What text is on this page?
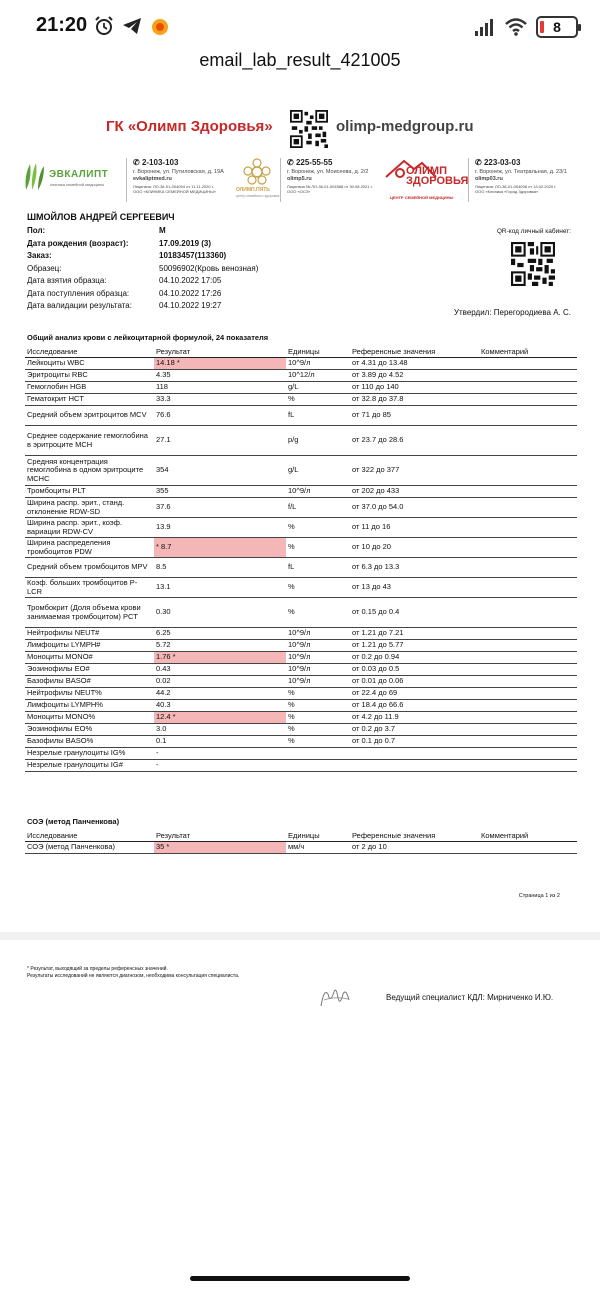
21:20	8
email_lab_result_421005
ГК «Олимп Здоровья»	olimp-medgroup.ru
ЭВКАЛИПТ
клиника семейной медицины
✆ 2-103-103
г. Воронеж, ул. Путиловская, д. 19А
evkaliptmed.ru
Лицензия: ЛО-36-01-004094 от 11.11.2020 г.
ООО «КЛИНИКА СЕМЕЙНОЙ МЕДИЦИНЫ»	ОЛИМП.ПЯТЬ
центр семейного здоровья
✆ 225-55-55
г. Воронеж, ул. Моисеева, д. 2/2
olimp5.ru
Лицензия № ЛО-36-01-004588 от 30.08.2021 г.
ООО «ОСЗ»
ОЛИМП ЗДОРОВЬЯ
ЦЕНТР СЕМЕЙНОЙ МЕДИЦИНЫ
✆ 223-03-03
г. Воронеж, ул. Театральная, д. 23/1
olimp03.ru
Лицензия: ЛО-36-01-004098 от 13.02.2020 г.
ООО «Клиника «Город Здоровья»
ШМОЙЛОВ АНДРЕЙ СЕРГЕЕВИЧ
Пол:	М
Дата рождения (возраст):	17.09.2019 (3)
Заказ:	10183457(113360)
Образец:	50096902(Кровь венозная)
Дата взятия образца:	04.10.2022 17:05
Дата поступления образца:	04.10.2022 17:26
Дата валидации результата:	04.10.2022 19:27
QR-код личный кабинет:
Утвердил: Перегородиева А. С.
Общий анализ крови с лейкоцитарной формулой, 24 показателя
Исследование	Результат	Единицы	Референсные значения	Комментарий
Лейкоциты WBC	14.18 *	10^9/л	от 4.31 до 13.48	
Эритроциты RBC	4.35	10^12/л	от 3.89 до 4.52	
Гемоглобин HGB	118	g/L	от 110 до 140	
Гематокрит HCT	33.3	%	от 32.8 до 37.8	
Средний объем эритроцитов MCV	76.6	fL	от 71 до 85	
Среднее содержание гемоглобина в эритроците MCH	27.1	p/g	от 23.7 до 28.6	
Средняя концентрация гемоглобина в одном эритроците MCHC	354	g/L	от 322 до 377	
Тромбоциты PLT	355	10^9/л	от 202 до 433	
Ширина распр. эрит., станд. отклонение RDW-SD	37.6	f/L	от 37.0 до 54.0	
Ширина распр. эрит., коэф. вариации RDW-CV	13.9	%	от 11 до 16	
Ширина распределения тромбоцитов PDW	* 8.7	%	от 10 до 20	
Средний объем тромбоцитов MPV	8.5	fL	от 6.3 до 13.3	
Коэф. больших тромбоцитов P-LCR	13.1	%	от 13 до 43	
Тромбокрит (Доля объема крови занимаемая тромбоцитом) PCT	0.30	%	от 0.15 до 0.4	
Нейтрофилы NEUT#	6.25	10^9/л	от 1.21 до 7.21	
Лимфоциты LYMPH#	5.72	10^9/л	от 1.21 до 5.77	
Моноциты MONO#	1.76 *	10^9/л	от 0.2 до 0.94	
Эозинофилы EO#	0.43	10^9/л	от 0.03 до 0.5	
Базофилы BASO#	0.02	10^9/л	от 0.01 до 0.06	
Нейтрофилы NEUT%	44.2	%	от 22.4 до 69	
Лимфоциты LYMPH%	40.3	%	от 18.4 до 66.6	
Моноциты MONO%	12.4 *	%	от 4.2 до 11.9	
Эозинофилы EO%	3.0	%	от 0.2 до 3.7	
Базофилы BASO%	0.1	%	от 0.1 до 0.7	
Незрелые гранулоциты IG%	-			
Незрелые гранулоциты IG#	-			
СОЭ (метод Панченкова)
Исследование	Результат	Единицы	Референсные значения	Комментарий
СОЭ (метод Панченкова)	35 *	мм/ч	от 2 до 10	
Страница 1 из 2
* Результат, выходящий за пределы референсных значений.
Результаты исследований не являются диагнозом, необходима консультация специалиста.
Ведущий специалист КДЛ: Мирниченко И.Ю.
